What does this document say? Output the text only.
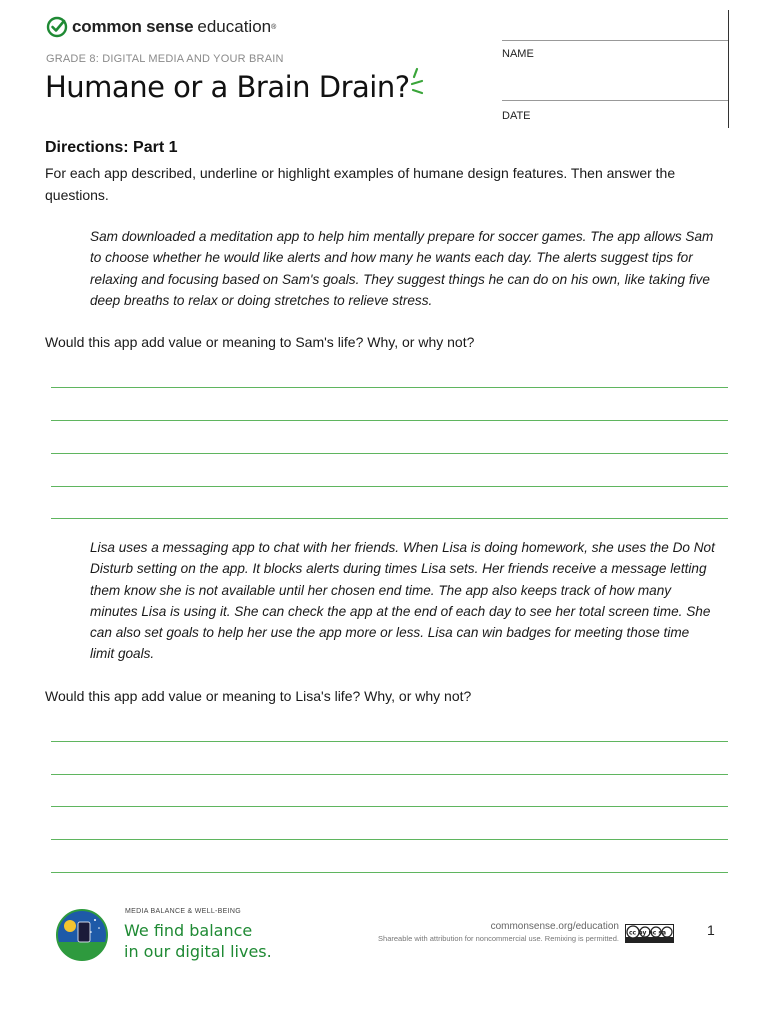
common sense education ®
GRADE 8: DIGITAL MEDIA AND YOUR BRAIN
Humane or a Brain Drain?
NAME
DATE
Directions: Part 1
For each app described, underline or highlight examples of humane design features. Then answer the questions.
Sam downloaded a meditation app to help him mentally prepare for soccer games. The app allows Sam to choose whether he would like alerts and how many he wants each day. The alerts suggest tips for relaxing and focusing based on Sam's goals. They suggest things he can do on his own, like taking five deep breaths to relax or doing stretches to relieve stress.
Would this app add value or meaning to Sam's life? Why, or why not?
Lisa uses a messaging app to chat with her friends. When Lisa is doing homework, she uses the Do Not Disturb setting on the app. It blocks alerts during times Lisa sets. Her friends receive a message letting them know she is not available until her chosen end time. The app also keeps track of how many minutes Lisa is using it. She can check the app at the end of each day to see her total screen time. She can also set goals to help her use the app more or less. Lisa can win badges for meeting those time limit goals.
Would this app add value or meaning to Lisa's life? Why, or why not?
MEDIA BALANCE & WELL-BEING
We find balance
in our digital lives.
commonsense.org/education
Shareable with attribution for noncommercial use. Remixing is permitted.
cc by nc sa	1
